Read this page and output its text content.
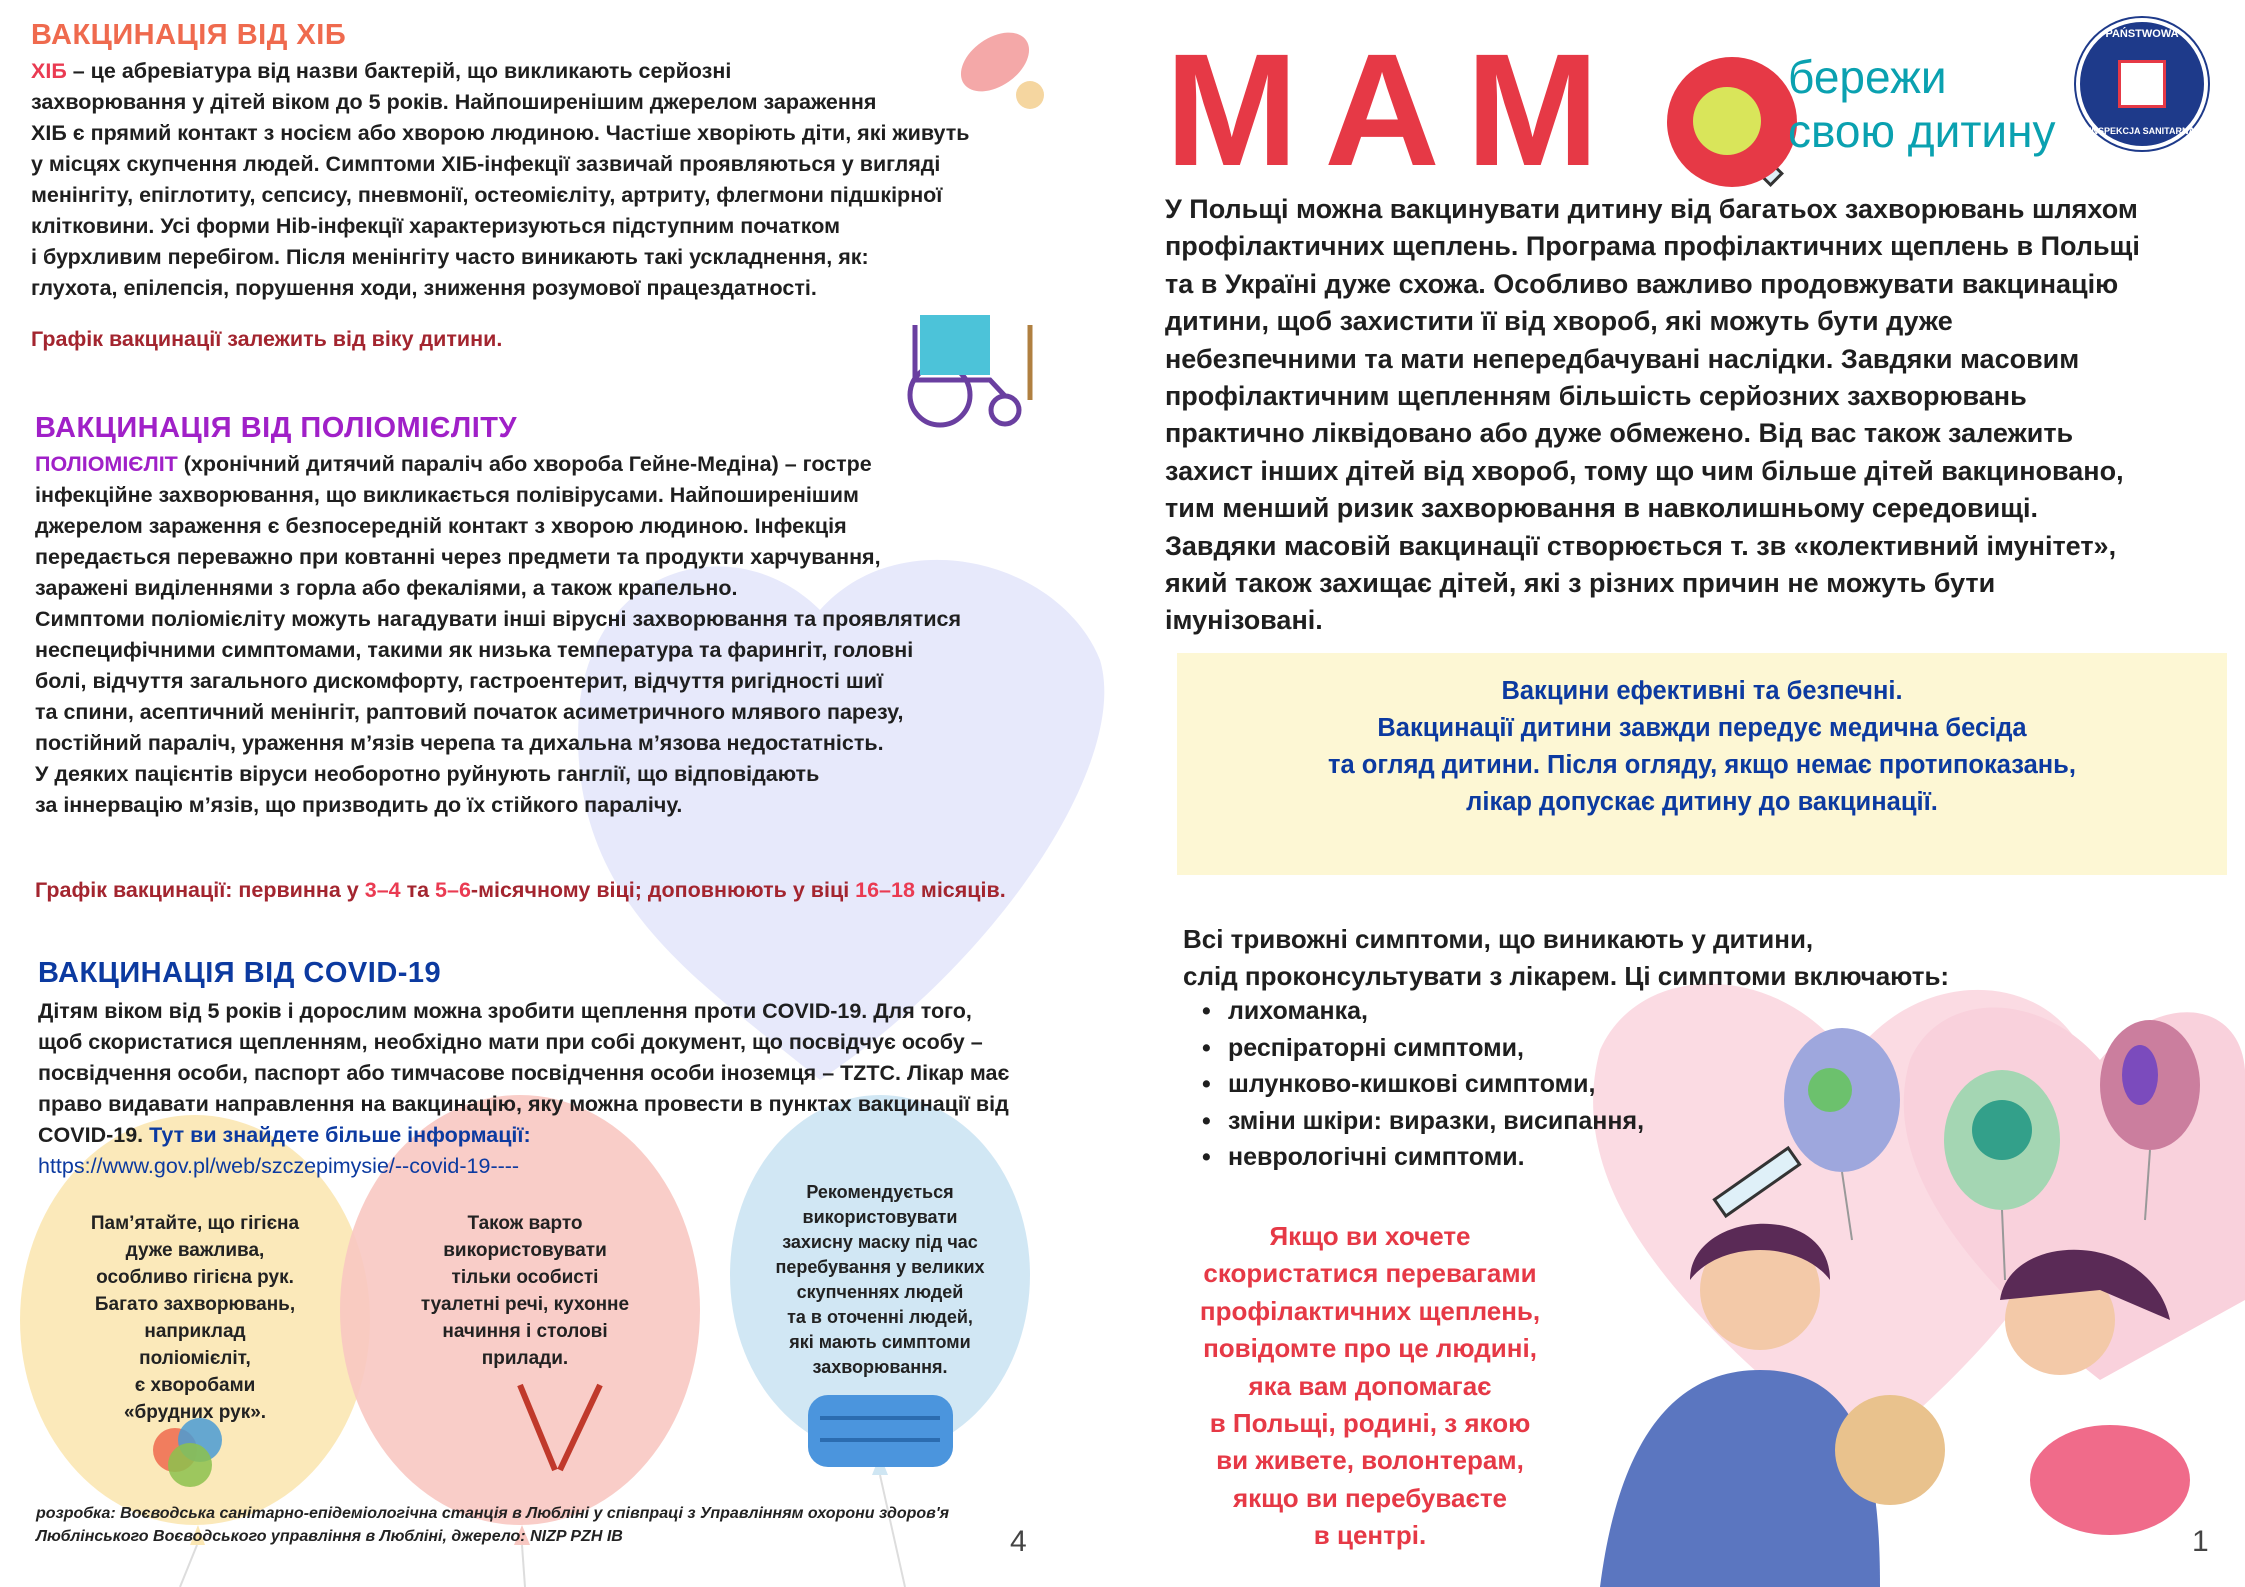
ВАКЦИНАЦІЯ ВІД ХІБ

ХІБ – це абревіатура від назви бактерій, що викликають серйозні

захворювання у дітей віком до 5 років. Найпоширенішим джерелом зараження

ХІБ є прямий контакт з носієм або хворою людиною. Частіше хворіють діти, які живуть

у місцях скупчення людей. Симптоми ХІБ-інфекції зазвичай проявляються у вигляді

менінгіту, епіглотиту, сепсису, пневмонії, остеомієліту, артриту, флегмони підшкірної

клітковини. Усі форми Hib-інфекції характеризуються підступним початком

і бурхливим перебігом. Після менінгіту часто виникають такі ускладнення, як:

глухота, епілепсія, порушення ходи, зниження розумової працездатності.

Графік вакцинації залежить від віку дитини.
ВАКЦИНАЦІЯ ВІД ПОЛІОМІЄЛІТУ

ПОЛІОМІЄЛІТ (хронічний дитячий параліч або хвороба Гейне-Медіна) – гостре

інфекційне захворювання, що викликається полівірусами. Найпоширенішим

джерелом зараження є безпосередній контакт з хворою людиною. Інфекція

передається переважно при ковтанні через предмети та продукти харчування,

заражені виділеннями з горла або фекаліями, а також крапельно.

Симптоми поліомієліту можуть нагадувати інші вірусні захворювання та проявлятися

неспецифічними симптомами, такими як низька температура та фарингіт, головні

болі, відчуття загального дискомфорту, гастроентерит, відчуття ригідності шиї

та спини, асептичний менінгіт, раптовий початок асиметричного млявого парезу,

постійний параліч, ураження м’язів черепа та дихальна м’язова недостатність.

У деяких пацієнтів віруси необоротно руйнують ганглії, що відповідають

за іннервацію м’язів, що призводить до їх стійкого паралічу.

Графік вакцинації: первинна у 3–4 та 5–6-місячному віці; доповнюють у віці 16–18 місяців.
ВАКЦИНАЦІЯ ВІД COVID-19

Дітям віком від 5 років і дорослим можна зробити щеплення проти COVID-19. Для того,

щоб скористатися щепленням, необхідно мати при собі документ, що посвідчує особу –

посвідчення особи, паспорт або тимчасове посвідчення особи іноземця – TZTC. Лікар має

право видавати направлення на вакцинацію, яку можна провести в пунктах вакцинації від

COVID-19. Тут ви знайдете більше інформації:

https://www.gov.pl/web/szczepimysie/--covid-19----

Пам’ятайте, що гігієна
дуже важлива,
особливо гігієна рук.
Багато захворювань,
наприклад
поліомієліт,
є хворобами
«брудних рук».
Також варто
використовувати
тільки особисті
туалетні речі, кухонне
начиння і столові
прилади.
Рекомендується
використовувати
захисну маску під час
перебування у великих
скупченнях людей
та в оточенні людей,
які мають симптоми
захворювання.
розробка: Воєводська санітарно-епідеміологічна станція в Любліні у співпраці з Управлінням охорони здоров'я
Люблінського Воєводського управління в Любліні, джерело: NIZP PZH IB	4
МАМ	бережи
свою дитину
PAŃSTWOWA
INSPEKCJA SANITARNA

У Польщі можна вакцинувати дитину від багатьох захворювань шляхом

профілактичних щеплень. Програма профілактичних щеплень в Польщі

та в Україні дуже схожа. Особливо важливо продовжувати вакцинацію

дитини, щоб захистити її від хвороб, які можуть бути дуже

небезпечними та мати непередбачувані наслідки. Завдяки масовим

профілактичним щепленням більшість серйозних захворювань

практично ліквідовано або дуже обмежено. Від вас також залежить

захист інших дітей від хвороб, тому що чим більше дітей вакциновано,

тим менший ризик захворювання в навколишньому середовищі.

Завдяки масовій вакцинації створюється т. зв «колективний імунітет»,

який також захищає дітей, які з різних причин не можуть бути

імунізовані.

Вакцини ефективні та безпечні.

Вакцинації дитини завжди передує медична бесіда

та огляд дитини. Після огляду, якщо немає протипоказань,

лікар допускає дитину до вакцинації.

Всі тривожні симптоми, що виникають у дитини,
слід проконсультувати з лікарем. Ці симптоми включають:
• лихоманка,
• респіраторні симптоми,
• шлунково-кишкові симптоми,
• зміни шкіри: виразки, висипання,
• неврологічні симптоми.
Якщо ви хочете
скористатися перевагами
профілактичних щеплень,
повідомте про це людині,
яка вам допомагає
в Польщі, родині, з якою
ви живете, волонтерам,
якщо ви перебуваєте
в центрі.	1
